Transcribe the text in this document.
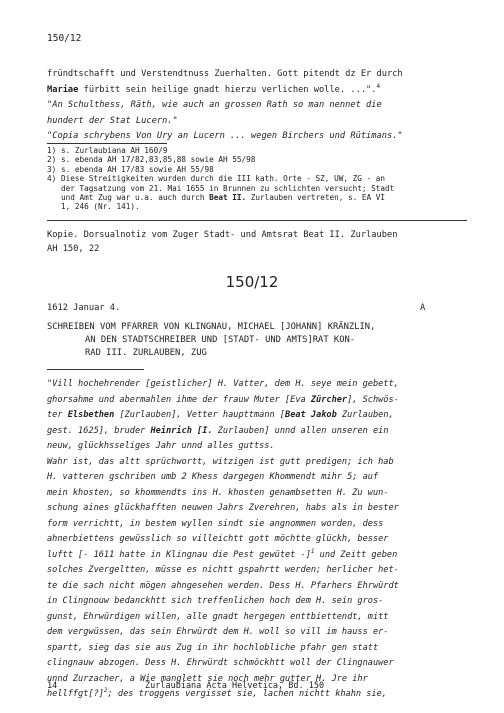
150/12
fründtschafft und Verstendtnuss Zuerhalten. Gott pitendt dz Er durch
Mariae fürbitt sein heilige gnadt hierzu verlichen wolle. ...".$^4$
"An Schulthess, Räth, wie auch an grossen Rath so man nennet die
hundert der Stat Lucern."
"Copia schrybens Von Ury an Lucern ... wegen Birchers und Rütimans."
1) s. Zurlaubiana AH 160/9
2) s. ebenda AH 17/82,83,85,88 sowie AH 55/98
3) s. ebenda AH 17/83 sowie AH 55/98
4) Diese Streitigkeiten wurden durch die III kath. Orte - SZ, UW, ZG - an
der Tagsatzung vom 21. Mai 1655 in Brunnen zu schlichten versucht; Stadt
und Amt Zug war u.a. auch durch Beat II. Zurlauben vertreten, s. EA VI
1, 246 (Nr. 141).
Kopie. Dorsualnotiz vom Zuger Stadt- und Amtsrat Beat II. Zurlauben
AH 150, 22
150/12
1612 Januar 4.	A
SCHREIBEN VOM PFARRER VON KLINGNAU, MICHAEL [JOHANN] KRÄNZLIN,
AN DEN STADTSCHREIBER UND [STADT- UND AMTS]RAT KON-
RAD III. ZURLAUBEN, ZUG
"Vill hochehrender [geistlicher] H. Vatter, dem H. seye mein gebett,
ghorsahme und abermahlen ihme der frauw Muter [Eva Zürcher], Schwös-
ter Elsbethen [Zurlauben], Vetter haupttmann [Beat Jakob Zurlauben,
gest. 1625], bruder Heinrich [I. Zurlauben] unnd allen unseren ein
neuw, glückhsseliges Jahr unnd alles guttss.
Wahr ist, das altt sprüchwortt, witzigen ist gutt predigen; ich hab
H. vatteren gschriben umb 2 Khess dargegen Khommendt mihr 5; auf
mein khosten, so khommendts ins H. khosten genambsetten H. Zu wun-
schung aines glückhafften neuwen Jahrs Zverehren, habs als in bester
form verrichtt, in bestem wyllen sindt sie angnommen worden, dess
ahnerbiettens gewüsslich so villeichtt gott möchtte glückh, besser
luftt [- 1611 hatte in Klingnau die Pest gewütet -]$^1$ und Zeitt geben
solches Zvergeltten, müsse es nichtt gspahrtt werden; herlicher het-
te die sach nicht mögen ahngesehen werden. Dess H. Pfarhers Ehrwürdt
in Clingnouw bedanckhtt sich treffenlichen hoch dem H. sein gros-
gunst, Ehrwürdigen willen, alle gnadt hergegen enttbiettendt, mitt
dem vergwüssen, das sein Ehrwürdt dem H. woll so vill im hauss er-
spartt, sieg das sie aus Zug in ihr hochlobliche pfahr gen statt
clingnauw abzogen. Dess H. Ehrwürdt schmöckhtt woll der Clingnauwer
unnd Zurzacher, a Wie manglett sie noch mehr gutter H. Jre ihr
hellffgt[?]$^2$; des troggens vergisset sie, lachen nichtt khahn sie,
14	Zurlaubiana Acta Helvetica, Bd. 150
